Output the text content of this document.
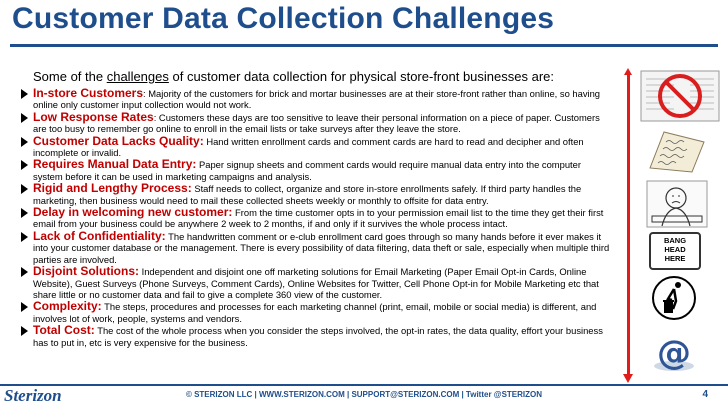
Customer Data Collection Challenges
Some of the challenges of customer data collection for physical store-front businesses are:
In-store Customers: Majority of the customers for brick and mortar businesses are at their store-front rather than online, so having online only customer input collection would not work.
Low Response Rates: Customers these days are too sensitive to leave their personal information on a piece of paper. Customers are too busy to remember go online to enroll in the email lists or take surveys after they leave the store.
Customer Data Lacks Quality: Hand written enrollment cards and comment cards are hard to read and decipher and often incomplete or invalid.
Requires Manual Data Entry: Paper signup sheets and comment cards would require manual data entry into the computer system before it can be used in marketing campaigns and analysis.
Rigid and Lengthy Process: Staff needs to collect, organize and store in-store enrollments safely. If third party handles the marketing, then business would need to mail these collected sheets weekly or monthly to offsite for data entry.
Delay in welcoming new customer: From the time customer opts in to your permission email list to the time they get their first email from your business could be anywhere 2 week to 2 months, if and only if it survives the whole process intact.
Lack of Confidentiality: The handwritten comment or e-club enrollment card goes through so many hands before it ever makes it into your customer database or the management. There is every possibility of data filtering, data theft or sale, especially when multiple third parties are involved.
Disjoint Solutions: Independent and disjoint one off marketing solutions for Email Marketing (Paper Email Opt-in Cards, Online Website), Guest Surveys (Phone Surveys, Comment Cards), Online Websites for Twitter, Cell Phone Opt-in for Mobile Marketing etc that share little or no customer data and fail to give a complete 360 view of the customer.
Complexity: The steps, procedures and processes for each marketing channel (print, email, mobile or social media) is different, and involves lot of work, people, systems and vendors.
Total Cost: The cost of the whole process when you consider the steps involved, the opt-in rates, the data quality, effort your business has to put in, etc is very expensive for the business.
BANG
HEAD
HERE
@
Sterizon	© STERIZON LLC | WWW.STERIZON.COM | SUPPORT@STERIZON.COM | Twitter @STERIZON	4
